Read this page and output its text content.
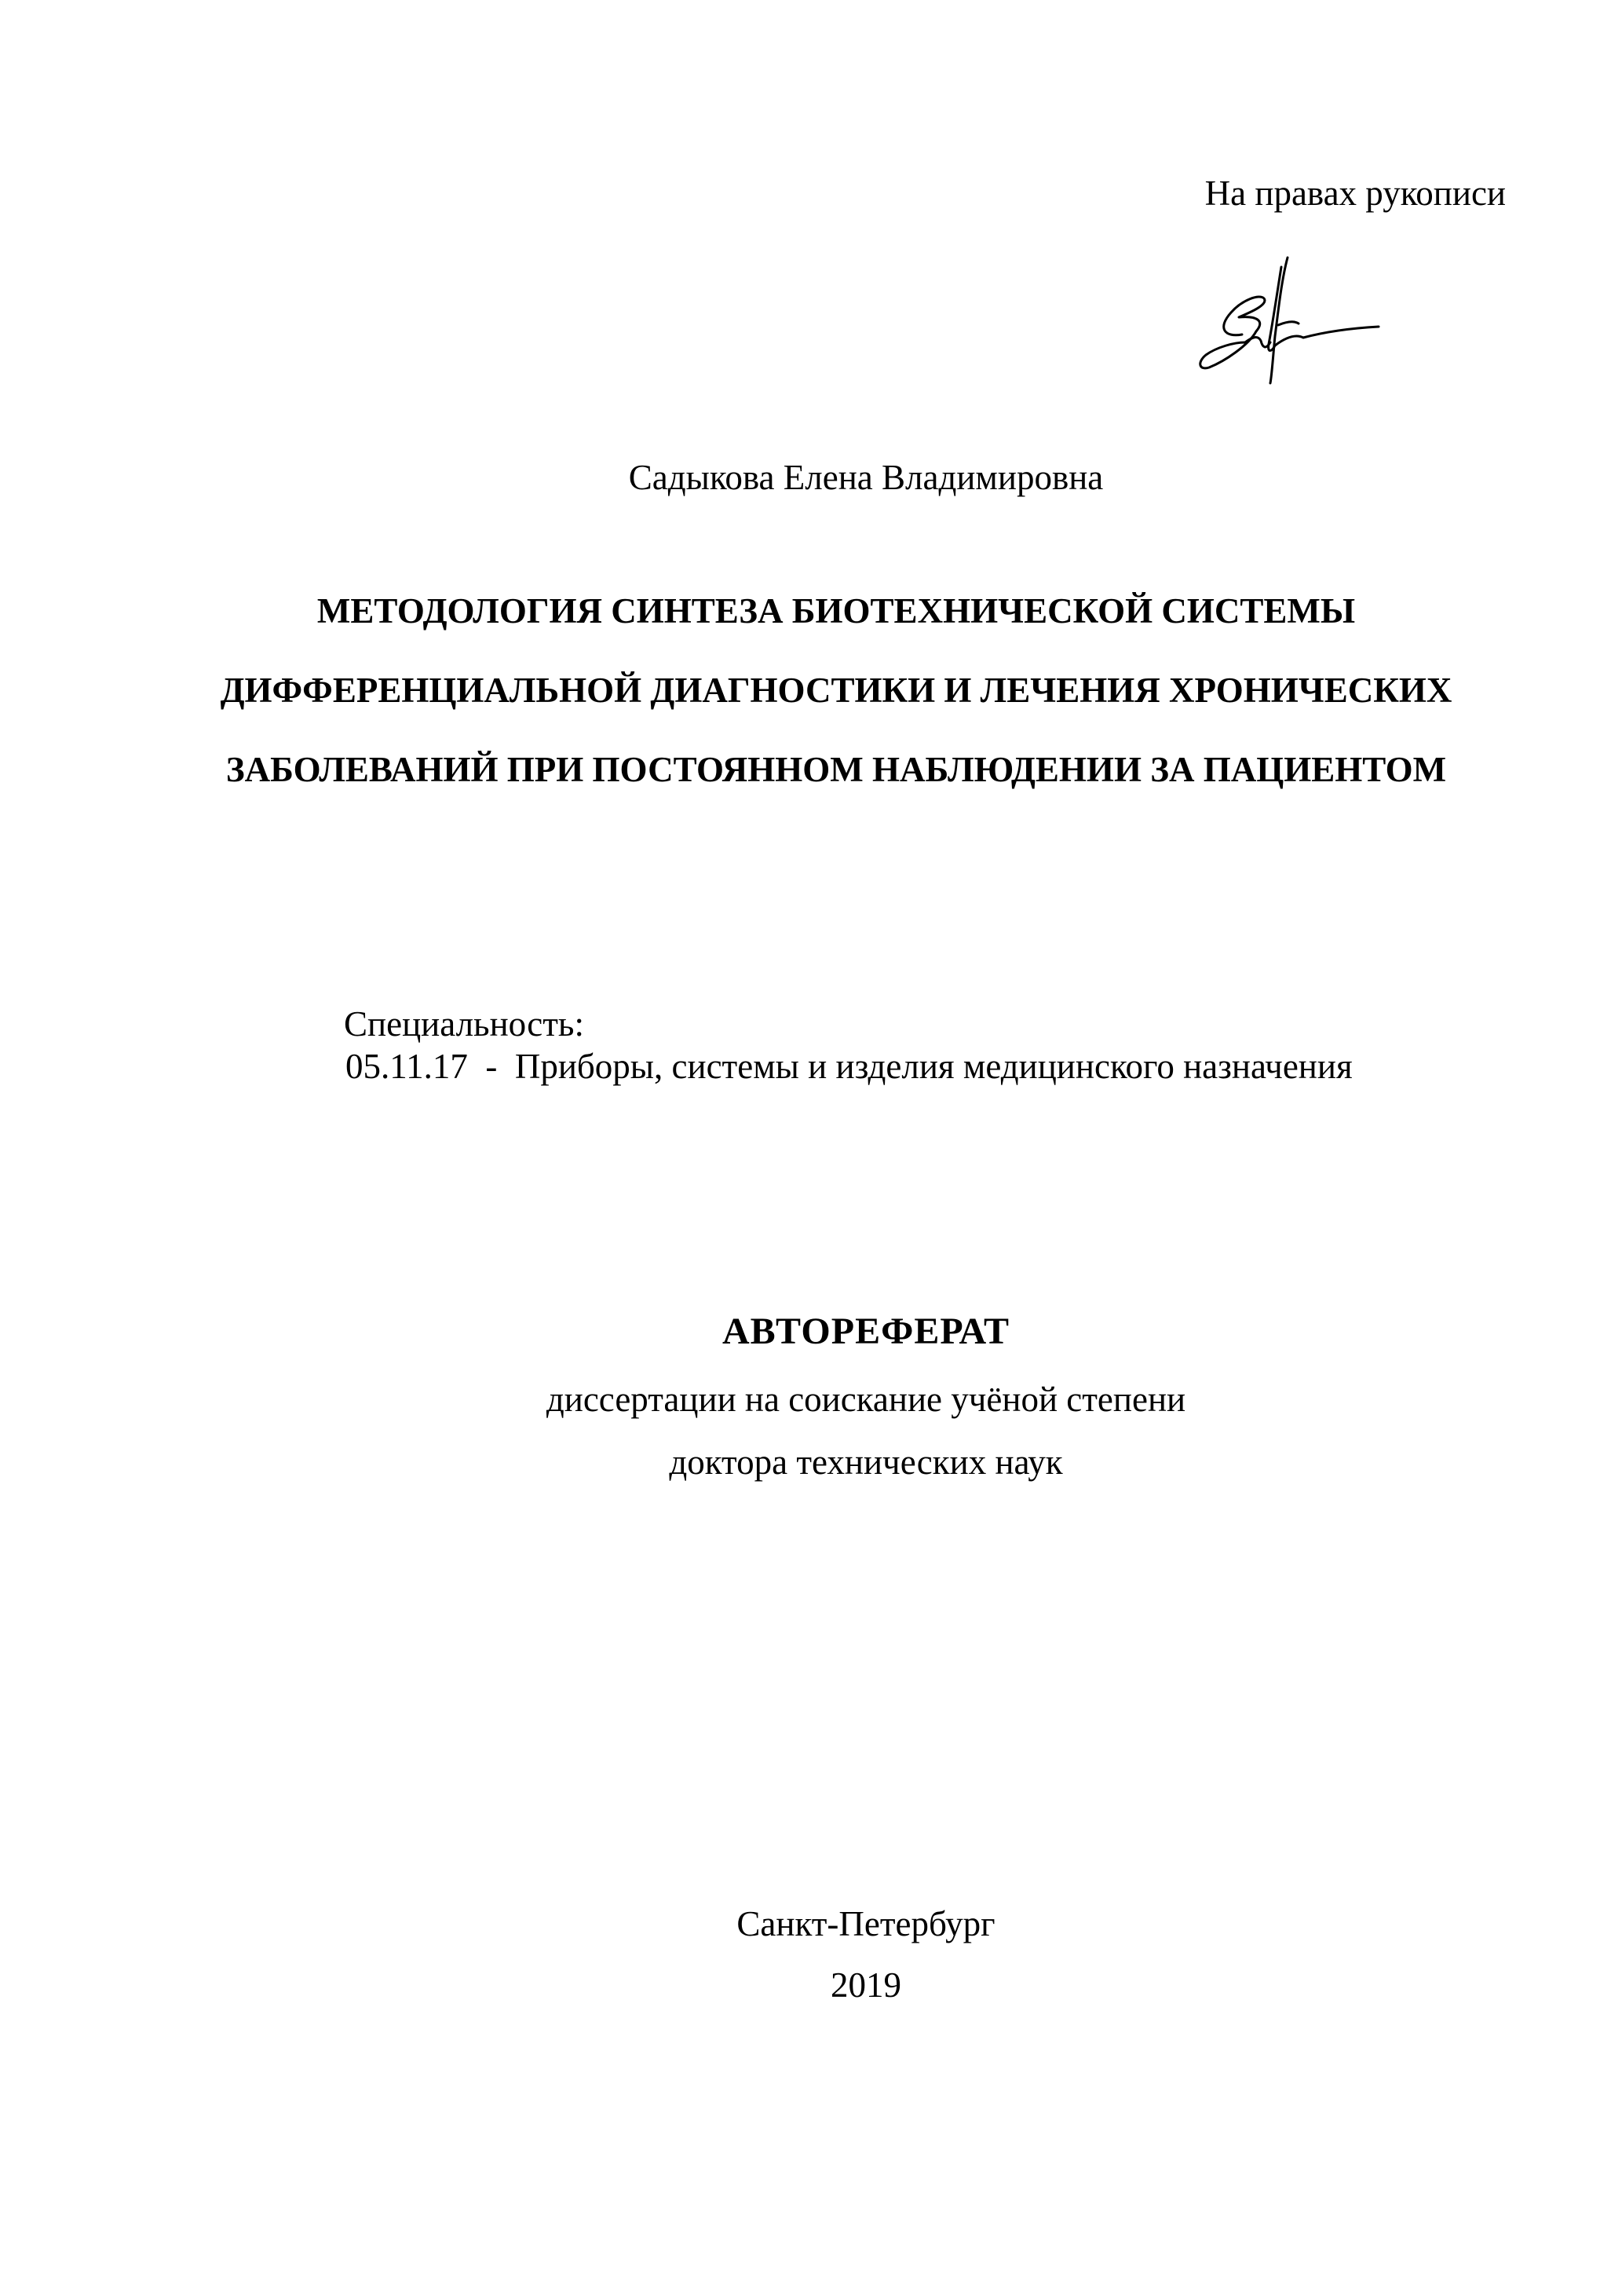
На правах рукописи
Садыкова Елена Владимировна
МЕТОДОЛОГИЯ СИНТЕЗА БИОТЕХНИЧЕСКОЙ СИСТЕМЫ
ДИФФЕРЕНЦИАЛЬНОЙ ДИАГНОСТИКИ И ЛЕЧЕНИЯ ХРОНИЧЕСКИХ
ЗАБОЛЕВАНИЙ ПРИ ПОСТОЯННОМ НАБЛЮДЕНИИ ЗА ПАЦИЕНТОМ
Специальность:
05.11.17  -  Приборы, системы и изделия медицинского назначения
АВТОРЕФЕРАТ
диссертации на соискание учёной степени
доктора технических наук
Санкт-Петербург
2019
